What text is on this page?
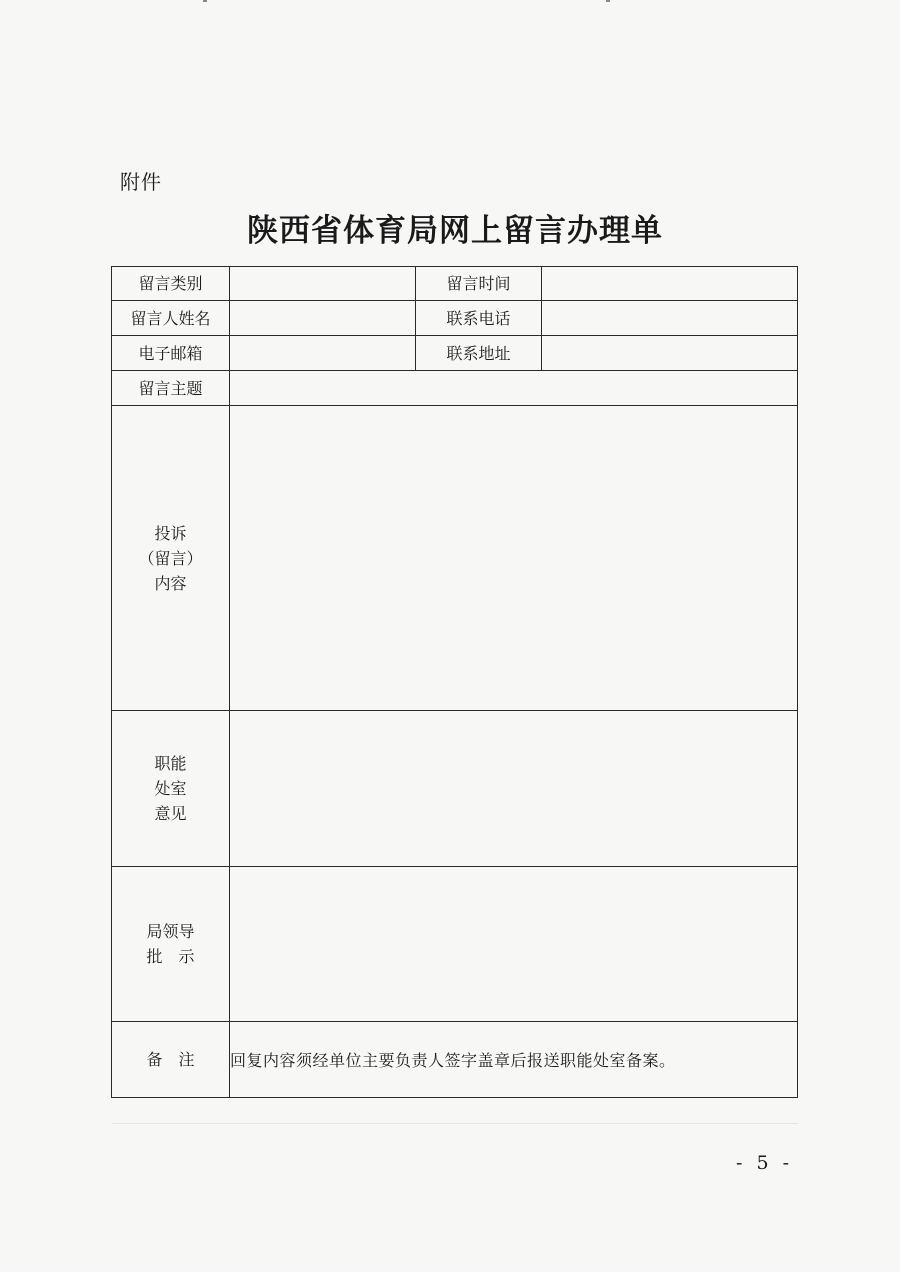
附件
陕西省体育局网上留言办理单
留言类别		留言时间	
留言人姓名		联系电话	
电子邮箱		联系地址	
留言主题			

投诉
（留言）
内容			

职能
处室
意见			

局领导
批　示			

备　注	回复内容须经单位主要负责人签字盖章后报送职能处室备案。		
- 5 -
